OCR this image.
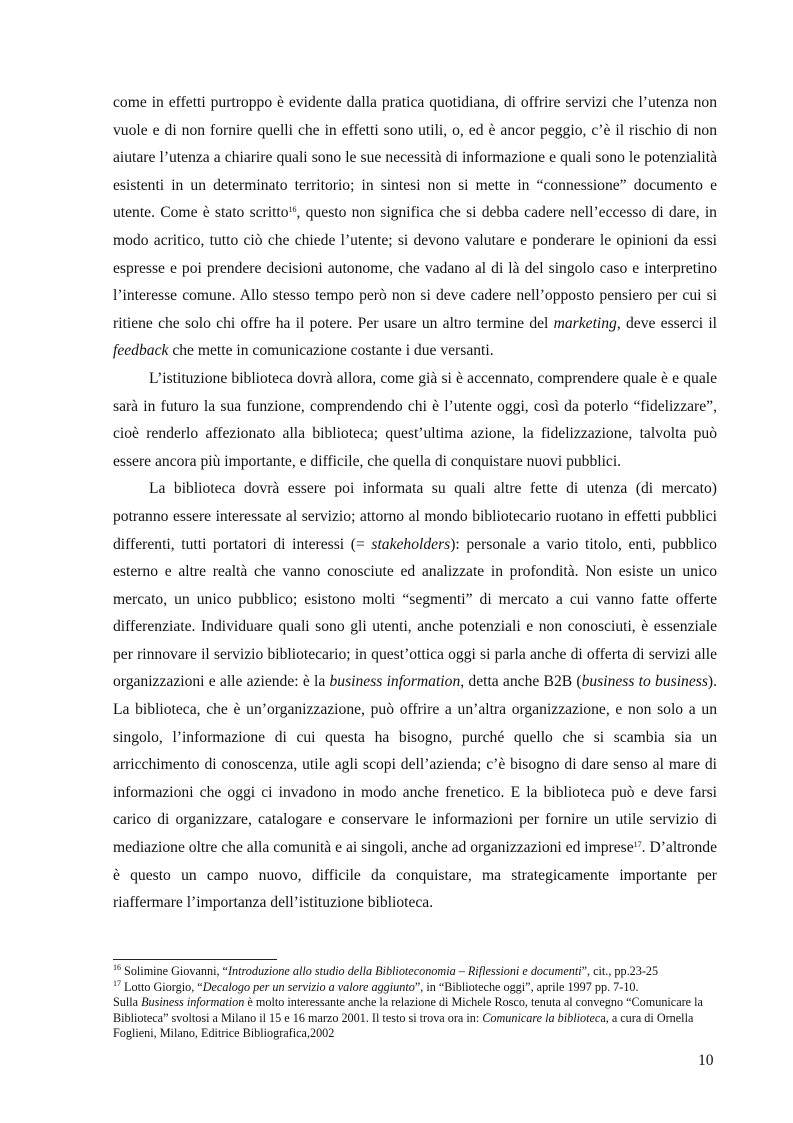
come in effetti purtroppo è evidente dalla pratica quotidiana, di offrire servizi che l’utenza non vuole e di non fornire quelli che in effetti sono utili, o, ed è ancor peggio, c’è il rischio di non aiutare l’utenza a chiarire quali sono le sue necessità di informazione e quali sono le potenzialità esistenti in un determinato territorio; in sintesi non si mette in “connessione” documento e utente. Come è stato scritto$^{16}$, questo non significa che si debba cadere nell’eccesso di dare, in modo acritico, tutto ciò che chiede l’utente; si devono valutare e ponderare le opinioni da essi espresse e poi prendere decisioni autonome, che vadano al di là del singolo caso e interpretino l’interesse comune. Allo stesso tempo però non si deve cadere nell’opposto pensiero per cui si ritiene che solo chi offre ha il potere. Per usare un altro termine del marketing, deve esserci il feedback che mette in comunicazione costante i due versanti.

L’istituzione biblioteca dovrà allora, come già si è accennato, comprendere quale è e quale sarà in futuro la sua funzione, comprendendo chi è l’utente oggi, così da poterlo “fidelizzare”, cioè renderlo affezionato alla biblioteca; quest’ultima azione, la fidelizzazione, talvolta può essere ancora più importante, e difficile, che quella di conquistare nuovi pubblici.

La biblioteca dovrà essere poi informata su quali altre fette di utenza (di mercato) potranno essere interessate al servizio; attorno al mondo bibliotecario ruotano in effetti pubblici differenti, tutti portatori di interessi (= stakeholders): personale a vario titolo, enti, pubblico esterno e altre realtà che vanno conosciute ed analizzate in profondità. Non esiste un unico mercato, un unico pubblico; esistono molti “segmenti” di mercato a cui vanno fatte offerte differenziate. Individuare quali sono gli utenti, anche potenziali e non conosciuti, è essenziale per rinnovare il servizio bibliotecario; in quest’ottica oggi si parla anche di offerta di servizi alle organizzazioni e alle aziende: è la business information, detta anche B2B (business to business). La biblioteca, che è un’organizzazione, può offrire a un’altra organizzazione, e non solo a un singolo, l’informazione di cui questa ha bisogno, purché quello che si scambia sia un arricchimento di conoscenza, utile agli scopi dell’azienda; c’è bisogno di dare senso al mare di informazioni che oggi ci invadono in modo anche frenetico. E la biblioteca può e deve farsi carico di organizzare, catalogare e conservare le informazioni per fornire un utile servizio di mediazione oltre che alla comunità e ai singoli, anche ad organizzazioni ed imprese$^{17}$. D’altronde è questo un campo nuovo, difficile da conquistare, ma strategicamente importante per riaffermare l’importanza dell’istituzione biblioteca.

$^{16}$ Solimine Giovanni, “Introduzione allo studio della Biblioteconomia – Riflessioni e documenti”, cit., pp.23-25
$^{17}$ Lotto Giorgio, “Decalogo per un servizio a valore aggiunto”, in “Biblioteche oggi”, aprile 1997 pp. 7-10.
Sulla Business information è molto interessante anche la relazione di Michele Rosco, tenuta al convegno “Comunicare la Biblioteca” svoltosi a Milano il 15 e 16 marzo 2001. Il testo si trova ora in: Comunicare la biblioteca, a cura di Ornella Foglieni, Milano, Editrice Bibliografica,2002
10
